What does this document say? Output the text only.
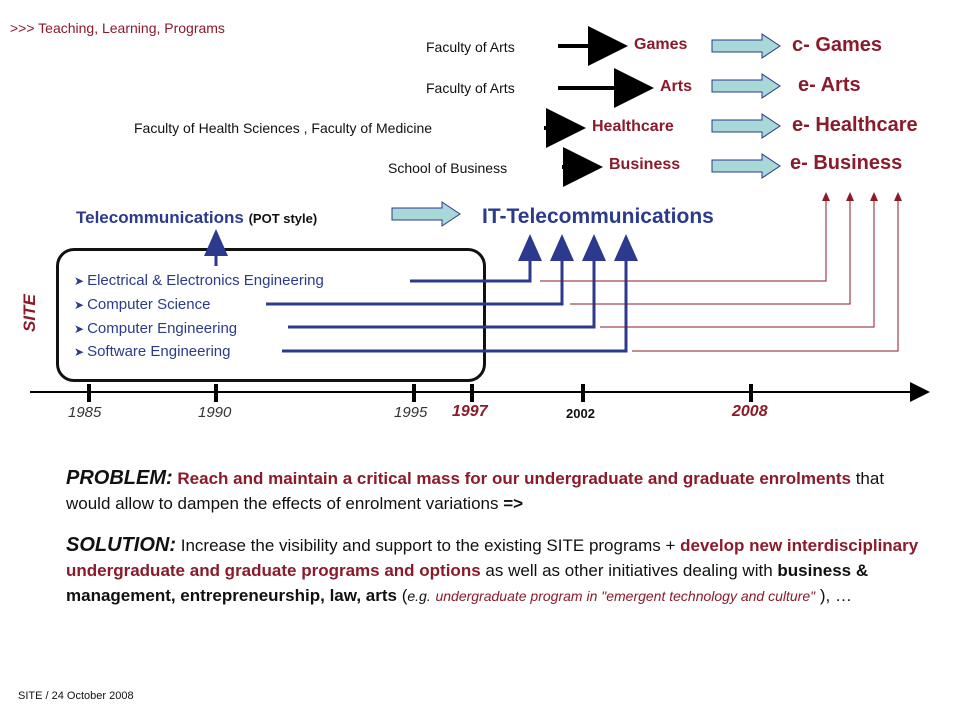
>>> Teaching, Learning, Programs
Faculty of Arts	Games	c- Games
Faculty of Arts	Arts	e- Arts
Faculty of Health Sciences , Faculty of Medicine	Healthcare	e- Healthcare
School of Business	Business	e- Business
Telecommunications (POT style)	IT-Telecommunications
SITE
➤ Electrical & Electronics Engineering
➤ Computer Science
➤ Computer Engineering
➤ Software Engineering
1985	1990	1995 1997	2002	2008
PROBLEM: Reach and maintain a critical mass for our undergraduate and graduate enrolments that would allow to dampen the effects of enrolment variations =>
SOLUTION: Increase the visibility and support to the existing SITE programs + develop new interdisciplinary undergraduate and graduate programs and options as well as other initiatives dealing with business & management, entrepreneurship, law, arts (e.g. undergraduate program in "emergent technology and culture" ), …
SITE / 24 October 2008
